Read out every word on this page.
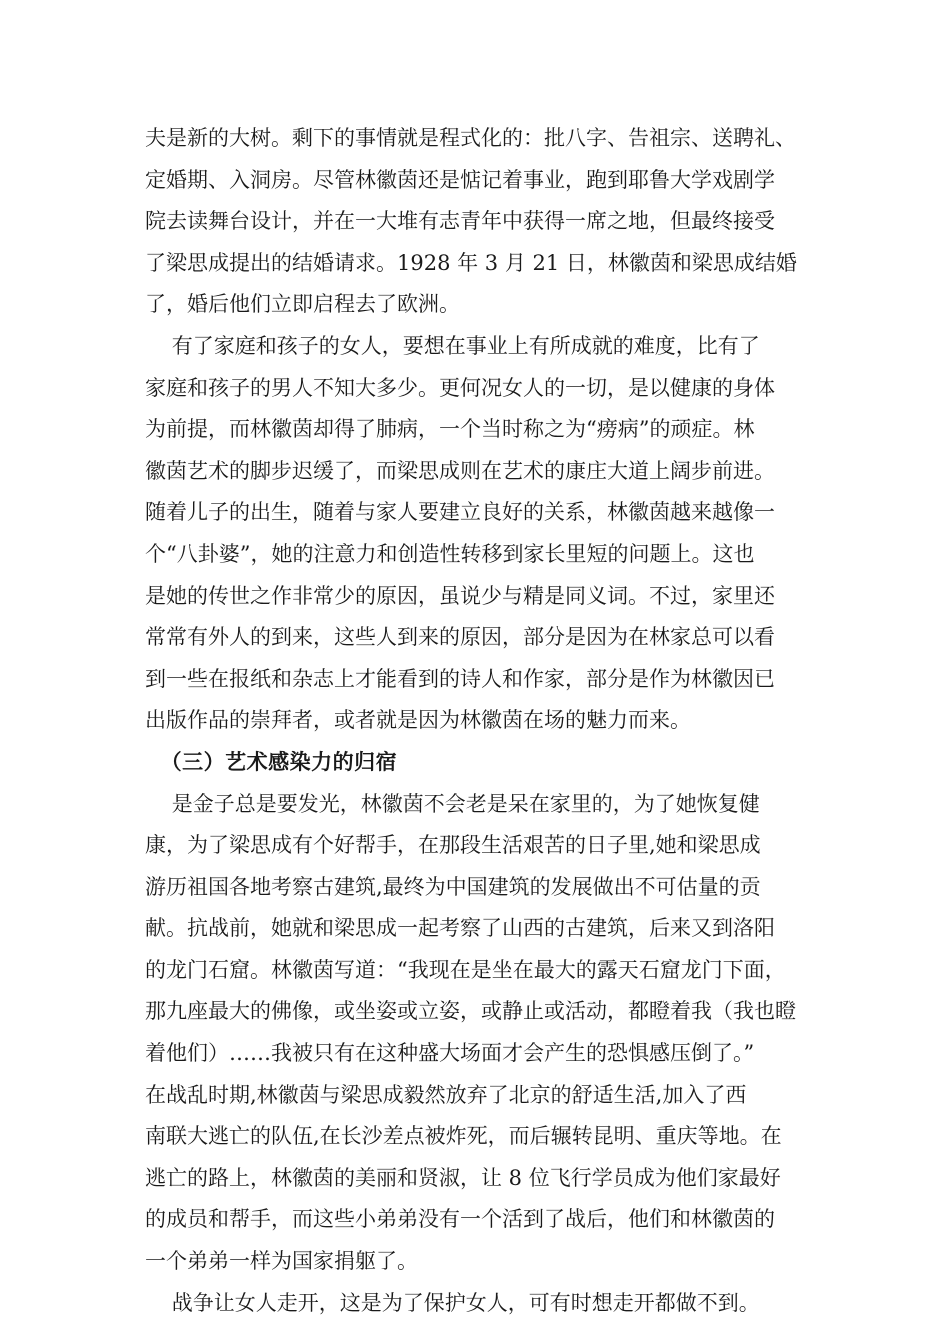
夫是新的大树。剩下的事情就是程式化的：批八字、告祖宗、送聘礼、
定婚期、入洞房。尽管林徽茵还是惦记着事业，跑到耶鲁大学戏剧学
院去读舞台设计，并在一大堆有志青年中获得一席之地，但最终接受
了梁思成提出的结婚请求。1928 年 3 月 21 日，林徽茵和梁思成结婚
了，婚后他们立即启程去了欧洲。
有了家庭和孩子的女人，要想在事业上有所成就的难度，比有了
家庭和孩子的男人不知大多少。更何况女人的一切，是以健康的身体
为前提，而林徽茵却得了肺病，一个当时称之为“痨病”的顽症。林
徽茵艺术的脚步迟缓了，而梁思成则在艺术的康庄大道上阔步前进。
随着儿子的出生，随着与家人要建立良好的关系，林徽茵越来越像一
个“八卦婆”，她的注意力和创造性转移到家长里短的问题上。这也
是她的传世之作非常少的原因，虽说少与精是同义词。不过，家里还
常常有外人的到来，这些人到来的原因，部分是因为在林家总可以看
到一些在报纸和杂志上才能看到的诗人和作家，部分是作为林徽因已
出版作品的崇拜者，或者就是因为林徽茵在场的魅力而来。
（三）艺术感染力的归宿
是金子总是要发光，林徽茵不会老是呆在家里的，为了她恢复健
康，为了梁思成有个好帮手，在那段生活艰苦的日子里,她和梁思成
游历祖国各地考察古建筑,最终为中国建筑的发展做出不可估量的贡
献。抗战前，她就和梁思成一起考察了山西的古建筑，后来又到洛阳
的龙门石窟。林徽茵写道：“我现在是坐在最大的露天石窟龙门下面，
那九座最大的佛像，或坐姿或立姿，或静止或活动，都瞪着我（我也瞪
着他们）……我被只有在这种盛大场面才会产生的恐惧感压倒了。”
在战乱时期,林徽茵与梁思成毅然放弃了北京的舒适生活,加入了西
南联大逃亡的队伍,在长沙差点被炸死，而后辗转昆明、重庆等地。在
逃亡的路上，林徽茵的美丽和贤淑，让 8 位飞行学员成为他们家最好
的成员和帮手，而这些小弟弟没有一个活到了战后，他们和林徽茵的
一个弟弟一样为国家捐躯了。
战争让女人走开，这是为了保护女人，可有时想走开都做不到。
